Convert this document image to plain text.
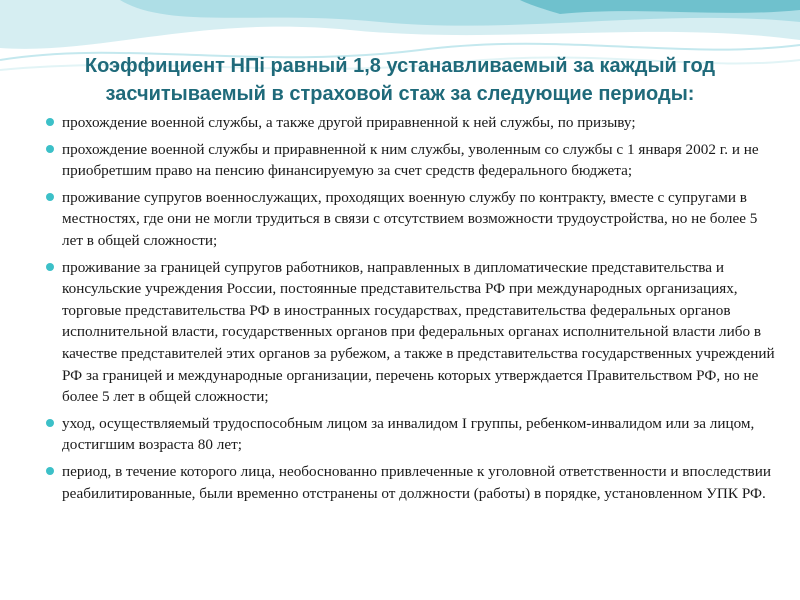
Коэффициент НПi равный 1,8 устанавливаемый за каждый год засчитываемый в страховой стаж за следующие периоды:
прохождение военной службы, а также другой приравненной к ней службы, по призыву;
прохождение военной службы и приравненной к ним службы, уволенным со службы с 1 января 2002 г. и не приобретшим право на пенсию финансируемую за счет средств федерального бюджета;
проживание супругов военнослужащих, проходящих военную службу по контракту, вместе с супругами в местностях, где они не могли трудиться в связи с отсутствием возможности трудоустройства, но не более 5 лет в общей сложности;
проживание за границей супругов работников, направленных в дипломатические представительства и консульские учреждения России, постоянные представительства РФ при международных организациях, торговые представительства РФ в иностранных государствах, представительства федеральных органов исполнительной власти, государственных органов при федеральных органах исполнительной власти либо в качестве представителей этих органов за рубежом, а также в представительства государственных учреждений РФ за границей и международные организации, перечень которых утверждается Правительством РФ, но не более 5 лет в общей сложности;
уход, осуществляемый трудоспособным лицом за инвалидом I группы, ребенком-инвалидом или за лицом, достигшим возраста 80 лет;
период, в течение которого лица, необоснованно привлеченные к уголовной ответственности и впоследствии реабилитированные, были временно отстранены от должности (работы) в порядке, установленном УПК РФ.
